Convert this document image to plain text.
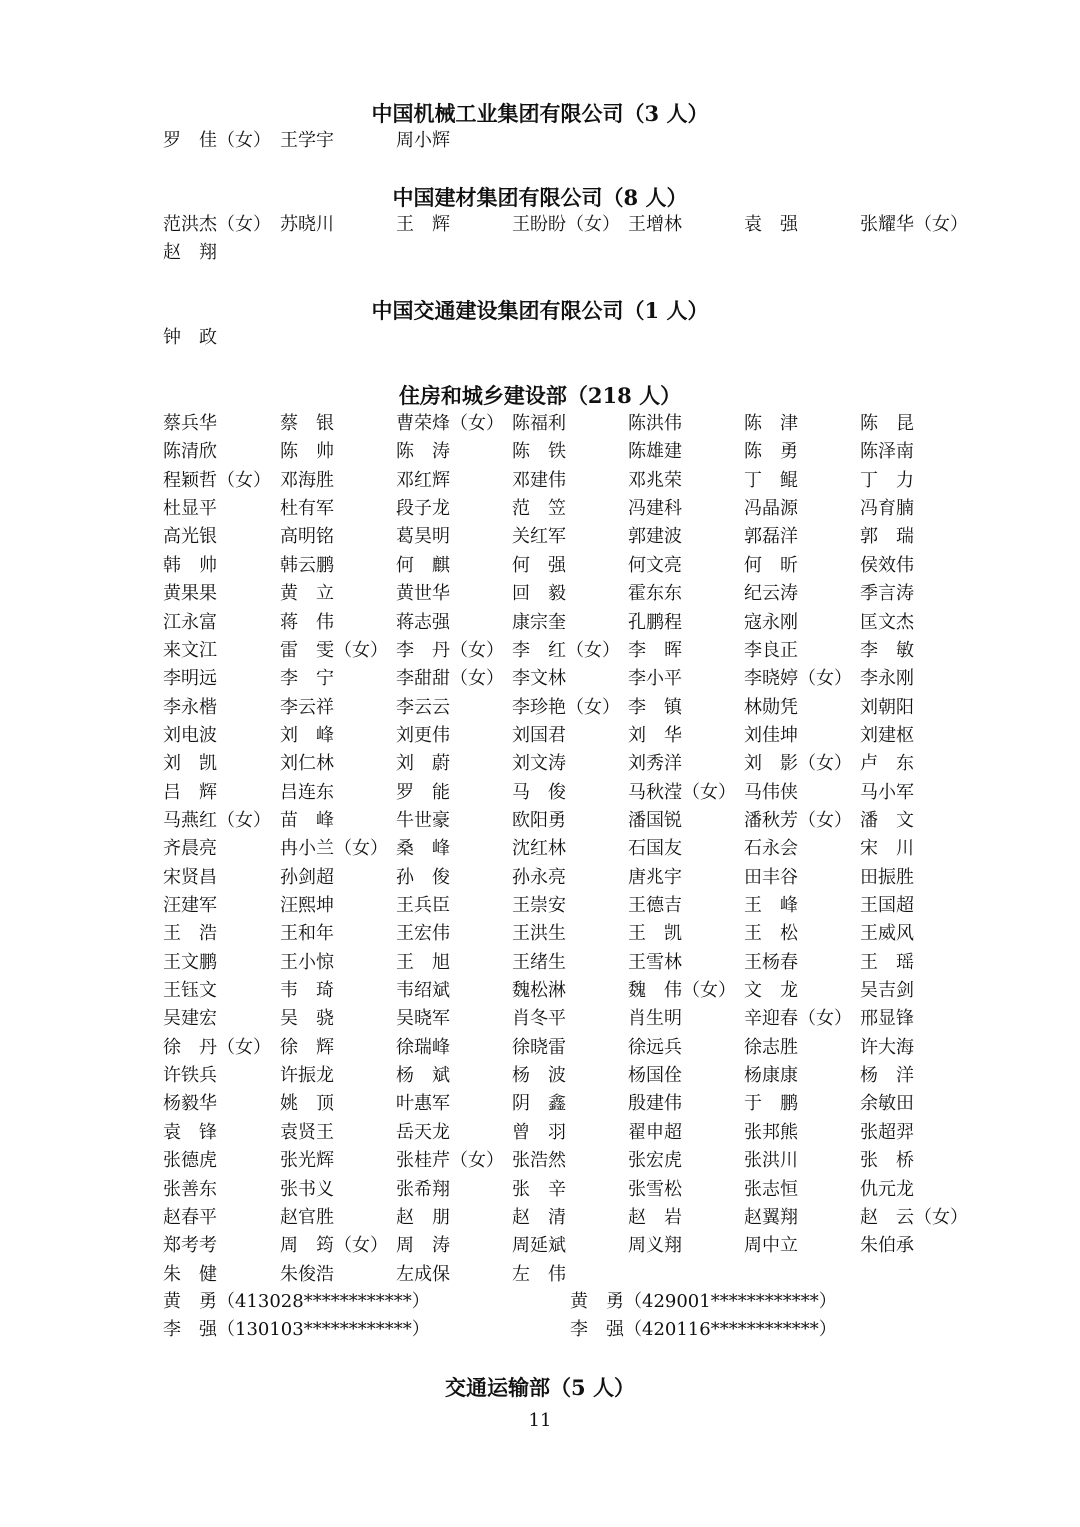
中国机械工业集团有限公司（3 人）
罗　佳（女） 王学宇	周小辉
中国建材集团有限公司（8 人）
范洪杰（女） 苏晓川	王　辉	王盼盼（女） 王增林	袁　强	张耀华（女）
赵　翔
中国交通建设集团有限公司（1 人）
钟　政
住房和城乡建设部（218 人）
蔡兵华	蔡　银	曹荣烽（女） 陈福利	陈洪伟	陈　津	陈　昆
陈清欣	陈　帅	陈　涛	陈　铁	陈雄建	陈　勇	陈泽南
程颖哲（女） 邓海胜	邓红辉	邓建伟	邓兆荣	丁　鲲	丁　力
杜显平	杜有军	段子龙	范　笠	冯建科	冯晶源	冯育腩
高光银	高明铭	葛昊明	关红军	郭建波	郭磊洋	郭　瑞
韩　帅	韩云鹏	何　麒	何　强	何文亮	何　昕	侯效伟
黄果果	黄　立	黄世华	回　毅	霍东东	纪云涛	季言涛
江永富	蒋　伟	蒋志强	康宗奎	孔鹏程	寇永刚	匡文杰
来文江	雷　雯（女） 李　丹（女） 李　红（女） 李　晖	李良正	李　敏
李明远	李　宁	李甜甜（女） 李文林	李小平	李晓婷（女） 李永刚
李永楷	李云祥	李云云	李珍艳（女） 李　镇	林勋凭	刘朝阳
刘电波	刘　峰	刘更伟	刘国君	刘　华	刘佳坤	刘建枢
刘　凯	刘仁林	刘　蔚	刘文涛	刘秀洋	刘　影（女） 卢　东
吕　辉	吕连东	罗　能	马　俊	马秋滢（女） 马伟侠	马小军
马燕红（女） 苗　峰	牛世豪	欧阳勇	潘国锐	潘秋芳（女） 潘　文
齐晨亮	冉小兰（女） 桑　峰	沈红林	石国友	石永会	宋　川
宋贤昌	孙剑超	孙　俊	孙永亮	唐兆宇	田丰谷	田振胜
汪建军	汪熙坤	王兵臣	王崇安	王德吉	王　峰	王国超
王　浩	王和年	王宏伟	王洪生	王　凯	王　松	王威风
王文鹏	王小惊	王　旭	王绪生	王雪林	王杨春	王　瑶
王钰文	韦　琦	韦绍斌	魏松淋	魏　伟（女） 文　龙	吴吉剑
吴建宏	吴　骁	吴晓军	肖冬平	肖生明	辛迎春（女） 邢显锋
徐　丹（女） 徐　辉	徐瑞峰	徐晓雷	徐远兵	徐志胜	许大海
许铁兵	许振龙	杨　斌	杨　波	杨国佺	杨康康	杨　洋
杨毅华	姚　顶	叶惠军	阴　鑫	殷建伟	于　鹏	余敏田
袁　锋	袁贤王	岳天龙	曾　羽	翟申超	张邦熊	张超羿
张德虎	张光辉	张桂芹（女） 张浩然	张宏虎	张洪川	张　桥
张善东	张书义	张希翔	张　辛	张雪松	张志恒	仇元龙
赵春平	赵官胜	赵　朋	赵　清	赵　岩	赵翼翔	赵　云（女）
郑考考	周　筠（女） 周　涛	周延斌	周义翔	周中立	朱伯承
朱　健	朱俊浩	左成保	左　伟
黄　勇（413028************）	黄　勇（429001************）
李　强（130103************）	李　强（420116************）
交通运输部（5 人）
11
